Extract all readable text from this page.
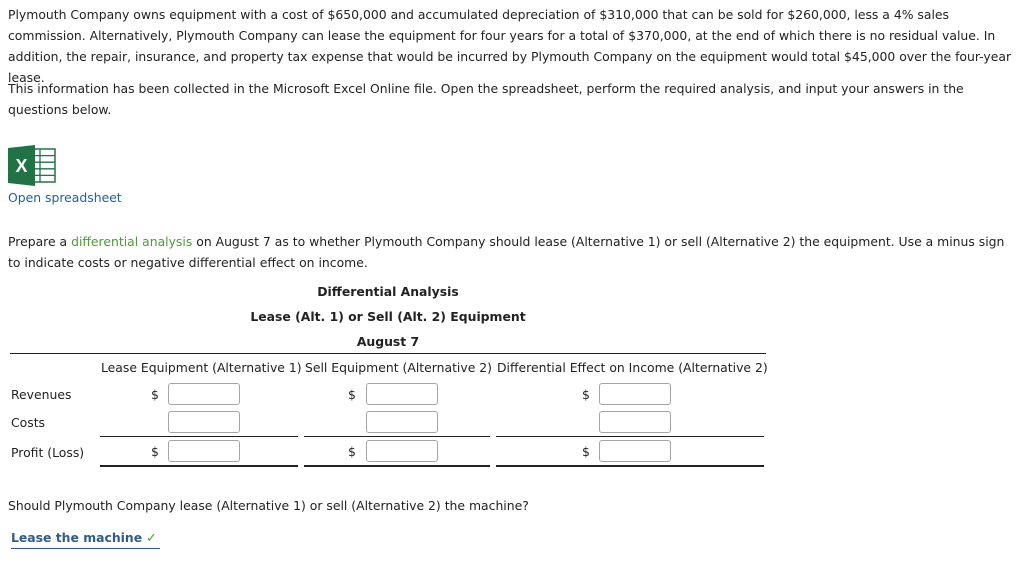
Plymouth Company owns equipment with a cost of $650,000 and accumulated depreciation of $310,000 that can be sold for $260,000, less a 4% sales commission. Alternatively, Plymouth Company can lease the equipment for four years for a total of $370,000, at the end of which there is no residual value. In addition, the repair, insurance, and property tax expense that would be incurred by Plymouth Company on the equipment would total $45,000 over the four-year lease.

This information has been collected in the Microsoft Excel Online file. Open the spreadsheet, perform the required analysis, and input your answers in the questions below.

X
Open spreadsheet

Prepare a differential analysis on August 7 as to whether Plymouth Company should lease (Alternative 1) or sell (Alternative 2) the equipment. Use a minus sign to indicate costs or negative differential effect on income.

Differential Analysis
Lease (Alt. 1) or Sell (Alt. 2) Equipment
August 7
Lease Equipment (Alternative 1) Sell Equipment (Alternative 2) Differential Effect on Income (Alternative 2)
Revenues	$	$	$
Costs
Profit (Loss)	$	$	$
Should Plymouth Company lease (Alternative 1) or sell (Alternative 2) the machine?
Lease the machine ✓
